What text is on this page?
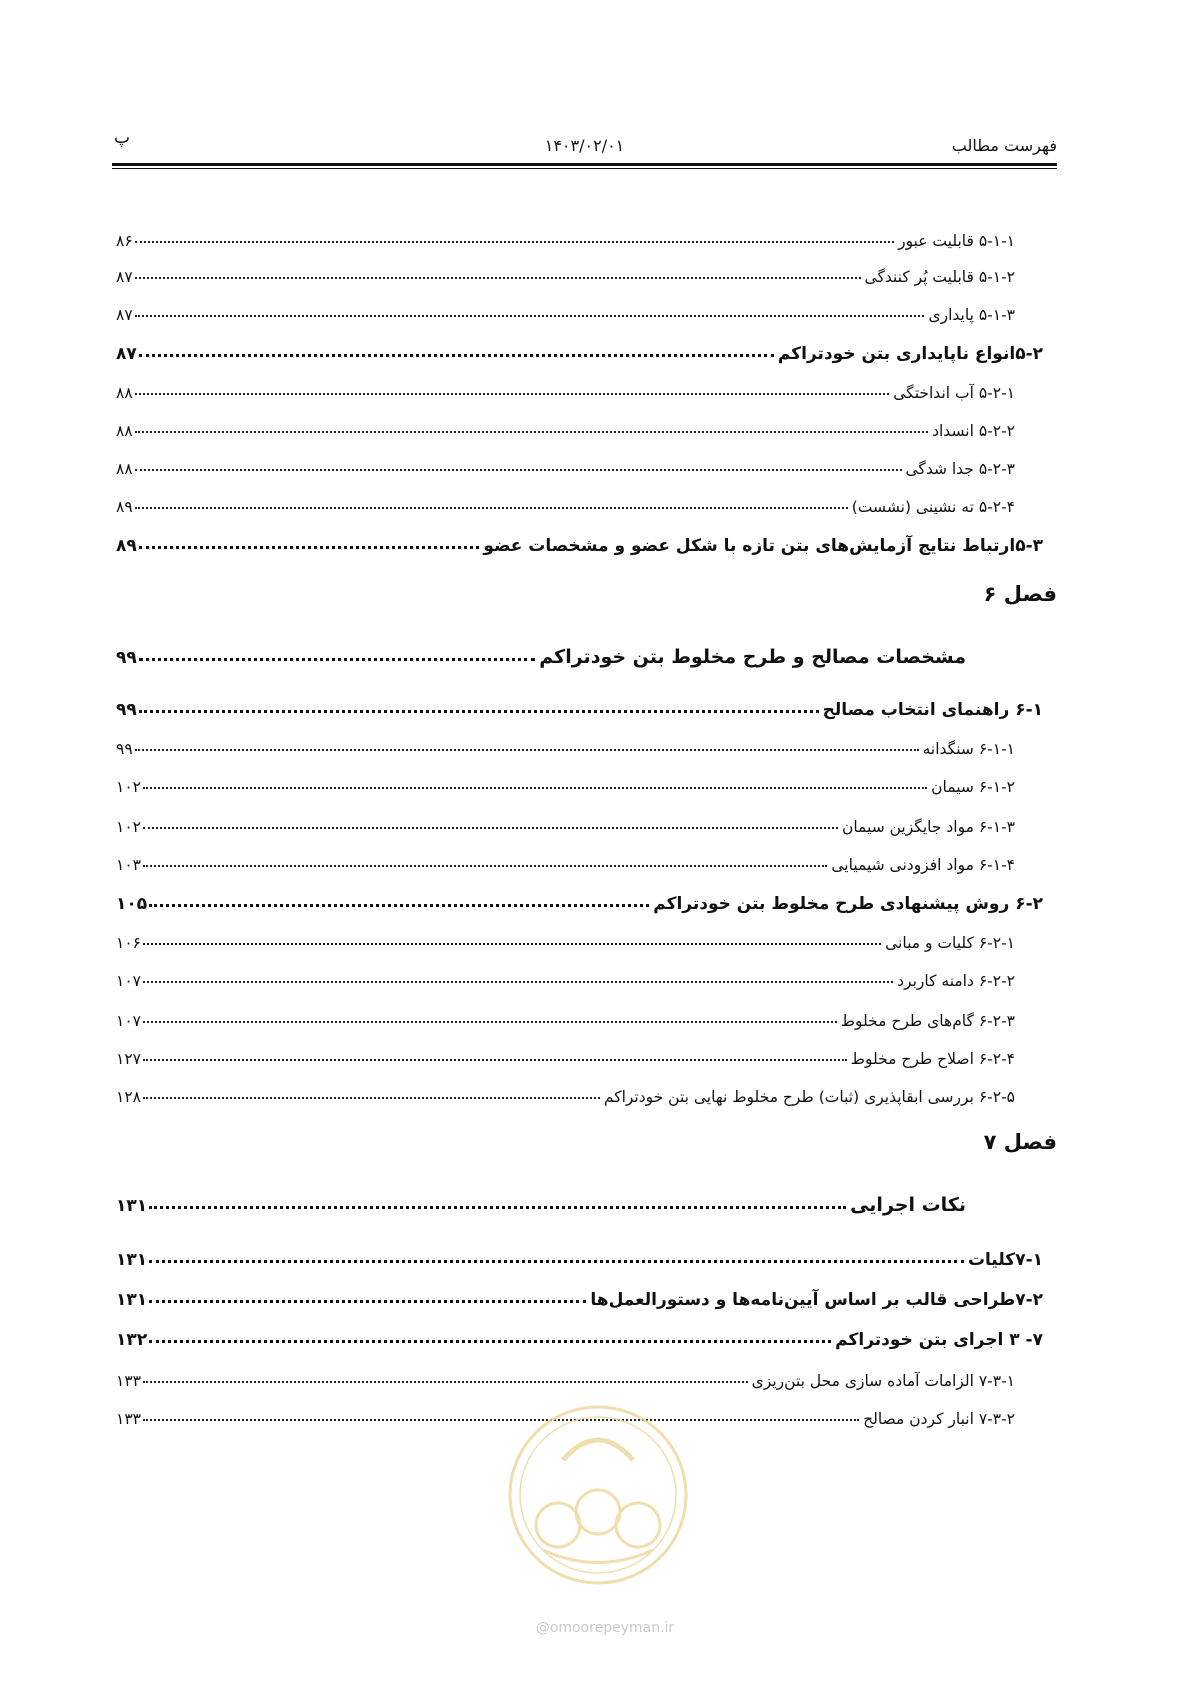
فهرست مطالب
۱۴۰۳/۰۲/۰۱
پ
۵-۱-۱ قابلیت عبور
۸۶
۵-۱-۲ قابلیت پُر کنندگی
۸۷
۵-۱-۳ پایداری
۸۷
۵-۲انواع ناپایداری بتن خودتراکم
۸۷
۵-۲-۱ آب انداختگی
۸۸
۵-۲-۲ انسداد
۸۸
۵-۲-۳ جدا شدگی
۸۸
۵-۲-۴ ته نشینی (نشست)
۸۹
۵-۳ارتباط نتایج آزمایش‌های بتن تازه با شکل عضو و مشخصات عضو
۸۹
فصل ۶
مشخصات مصالح و طرح مخلوط بتن خودتراکم
۹۹
۶-۱ راهنمای انتخاب مصالح
۹۹
۶-۱-۱ سنگدانه
۹۹
۶-۱-۲ سیمان
۱۰۲
۶-۱-۳ مواد جایگزین سیمان
۱۰۲
۶-۱-۴ مواد افزودنی شیمیایی
۱۰۳
۶-۲ روش پیشنهادی طرح مخلوط بتن خودتراکم
۱۰۵
۶-۲-۱ کلیات و مبانی
۱۰۶
۶-۲-۲ دامنه کاربرد
۱۰۷
۶-۲-۳ گام‌های طرح مخلوط
۱۰۷
۶-۲-۴ اصلاح طرح مخلوط
۱۲۷
۶-۲-۵ بررسی ابقاپذیری (ثبات) طرح مخلوط نهایی بتن خودتراکم
۱۲۸
فصل ۷
نکات اجرایی
۱۳۱
۷-۱کلیات
۱۳۱
۷-۲طراحی قالب بر اساس آیین‌نامه‌ها و دستورالعمل‌ها
۱۳۱
۷- ۳ اجرای بتن خودتراکم
۱۳۲
۷-۳-۱ الزامات آماده سازی محل بتن‌ریزی
۱۳۳
۷-۳-۲ انبار کردن مصالح
۱۳۳
@omoorepeyman.ir
